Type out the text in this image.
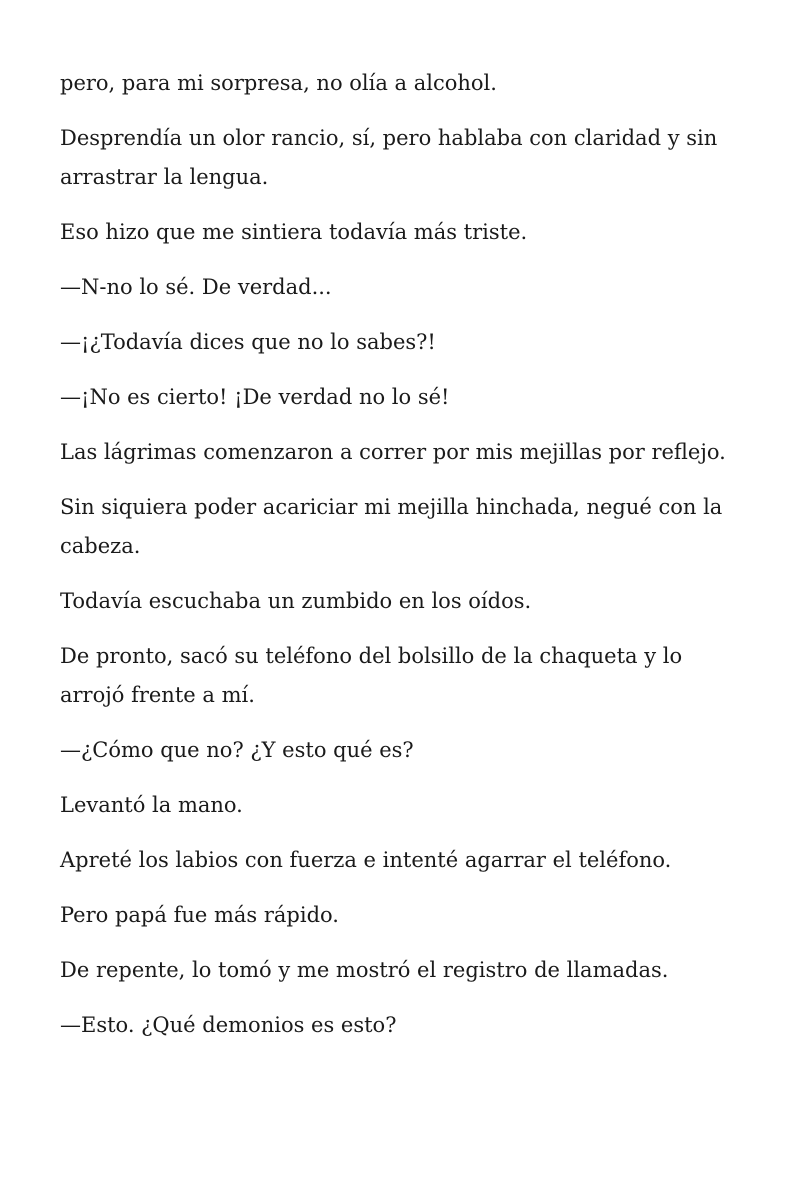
pero, para mi sorpresa, no olía a alcohol.

Desprendía un olor rancio, sí, pero hablaba con claridad y sin arrastrar la lengua.

Eso hizo que me sintiera todavía más triste.

—N-no lo sé. De verdad...

—¡¿Todavía dices que no lo sabes?!

—¡No es cierto! ¡De verdad no lo sé!

Las lágrimas comenzaron a correr por mis mejillas por reflejo.

Sin siquiera poder acariciar mi mejilla hinchada, negué con la cabeza.

Todavía escuchaba un zumbido en los oídos.

De pronto, sacó su teléfono del bolsillo de la chaqueta y lo arrojó frente a mí.

—¿Cómo que no? ¿Y esto qué es?

Levantó la mano.

Apreté los labios con fuerza e intenté agarrar el teléfono.

Pero papá fue más rápido.

De repente, lo tomó y me mostró el registro de llamadas.

—Esto. ¿Qué demonios es esto?
